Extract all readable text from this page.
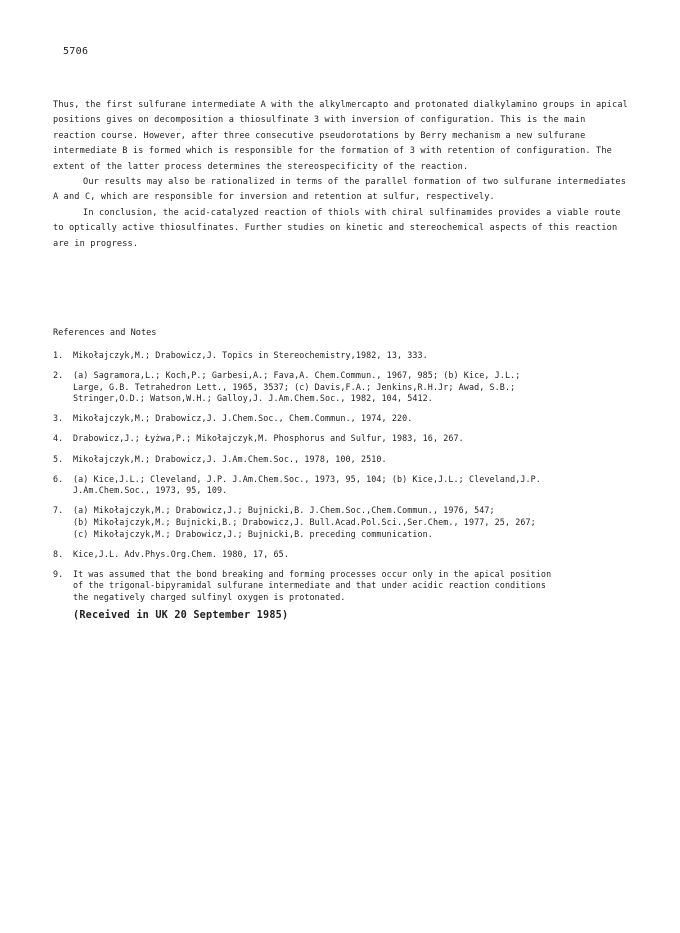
5706

Thus, the first sulfurane intermediate A with the alkylmercapto and protonated dialkylamino groups in apical positions gives on decomposition a thiosulfinate 3 with inversion of configuration. This is the main reaction course. However, after three consecutive pseudorotations by Berry mechanism a new sulfurane intermediate B is formed which is responsible for the formation of 3 with retention of configuration. The extent of the latter process determines the stereospecificity of the reaction.

Our results may also be rationalized in terms of the parallel formation of two sulfurane intermediates A and C, which are responsible for inversion and retention at sulfur, respectively.

In conclusion, the acid-catalyzed reaction of thiols with chiral sulfinamides provides a viable route to optically active thiosulfinates. Further studies on kinetic and stereochemical aspects of this reaction are in progress.

References and Notes
1.	Mikołajczyk,M.; Drabowicz,J. Topics in Stereochemistry,1982, 13, 333.
2.	(a) Sagramora,L.; Koch,P.; Garbesi,A.; Fava,A. Chem.Commun., 1967, 985; (b) Kice, J.L.;
Large, G.B. Tetrahedron Lett., 1965, 3537; (c) Davis,F.A.; Jenkins,R.H.Jr; Awad, S.B.;
Stringer,O.D.; Watson,W.H.; Galloy,J. J.Am.Chem.Soc., 1982, 104, 5412.
3.	Mikołajczyk,M.; Drabowicz,J. J.Chem.Soc., Chem.Commun., 1974, 220.
4.	Drabowicz,J.; Łyżwa,P.; Mikołajczyk,M. Phosphorus and Sulfur, 1983, 16, 267.
5.	Mikołajczyk,M.; Drabowicz,J. J.Am.Chem.Soc., 1978, 100, 2510.
6.	(a) Kice,J.L.; Cleveland, J.P. J.Am.Chem.Soc., 1973, 95, 104; (b) Kice,J.L.; Cleveland,J.P.
J.Am.Chem.Soc., 1973, 95, 109.
7.	(a) Mikołajczyk,M.; Drabowicz,J.; Bujnicki,B. J.Chem.Soc.,Chem.Commun., 1976, 547;
(b) Mikołajczyk,M.; Bujnicki,B.; Drabowicz,J. Bull.Acad.Pol.Sci.,Ser.Chem., 1977, 25, 267;
(c) Mikołajczyk,M.; Drabowicz,J.; Bujnicki,B. preceding communication.
8.	Kice,J.L. Adv.Phys.Org.Chem. 1980, 17, 65.
9.	It was assumed that the bond breaking and forming processes occur only in the apical position
of the trigonal-bipyramidal sulfurane intermediate and that under acidic reaction conditions
the negatively charged sulfinyl oxygen is protonated.
(Received in UK 20 September 1985)
